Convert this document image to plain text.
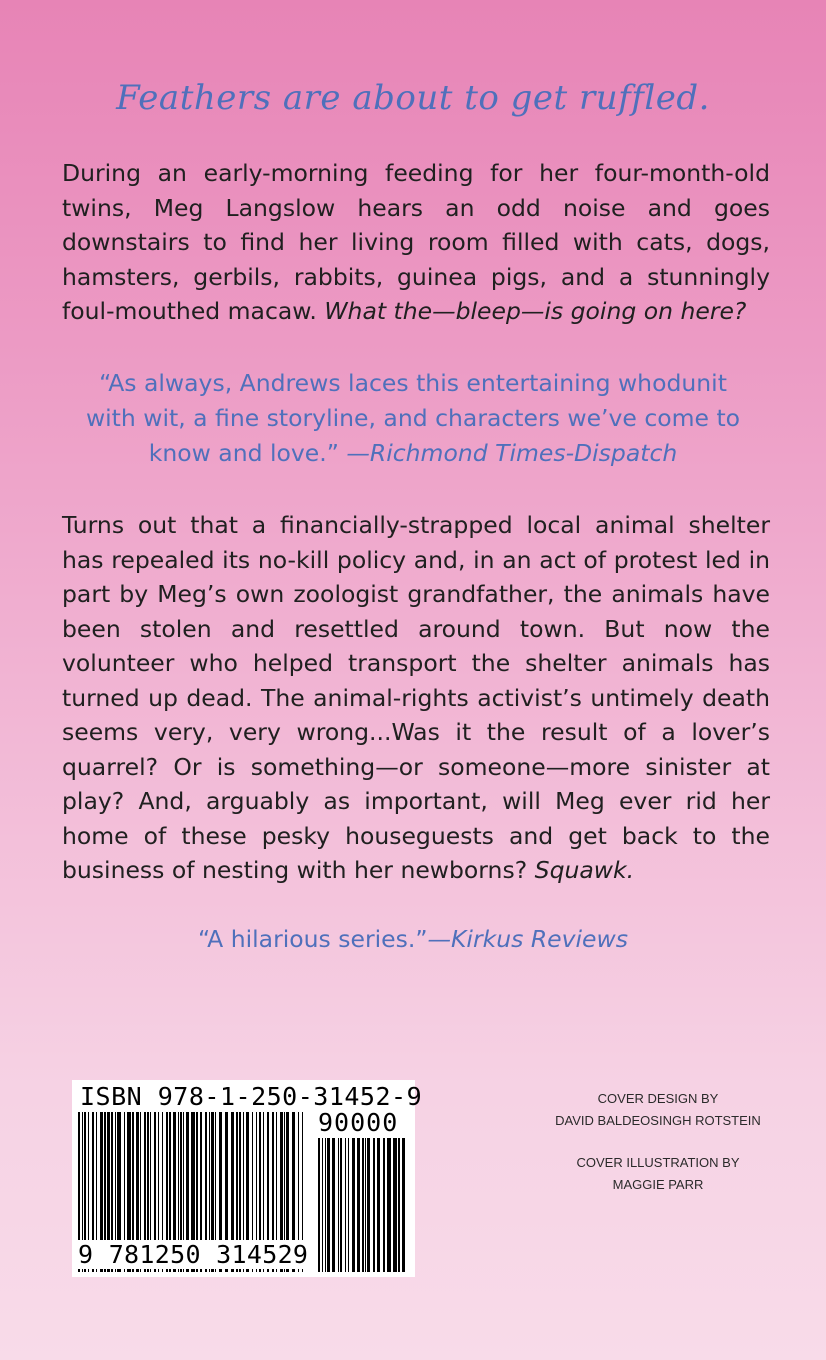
Feathers are about to get ruffled.

During an early-morning feeding for her four-month-old twins, Meg Langslow hears an odd noise and goes downstairs to find her living room filled with cats, dogs, hamsters, gerbils, rabbits, guinea pigs, and a stunningly foul-mouthed macaw. What the—bleep—is going on here?

“As always, Andrews laces this entertaining whodunit with wit, a fine storyline, and characters we’ve come to know and love.” —Richmond Times-Dispatch

Turns out that a financially-strapped local animal shelter has repealed its no-kill policy and, in an act of protest led in part by Meg’s own zoologist grandfather, the animals have been stolen and resettled around town. But now the volunteer who helped transport the shelter animals has turned up dead. The animal-rights activist’s untimely death seems very, very wrong...Was it the result of a lover’s quarrel? Or is something—or someone—more sinister at play? And, arguably as important, will Meg ever rid her home of these pesky houseguests and get back to the business of nesting with her newborns? Squawk.

“A hilarious series.”—Kirkus Reviews

ISBN 978-1-250-31452-9
90000
9 781250 314529
COVER DESIGN BY
DAVID BALDEOSINGH ROTSTEIN
COVER ILLUSTRATION BY
MAGGIE PARR
